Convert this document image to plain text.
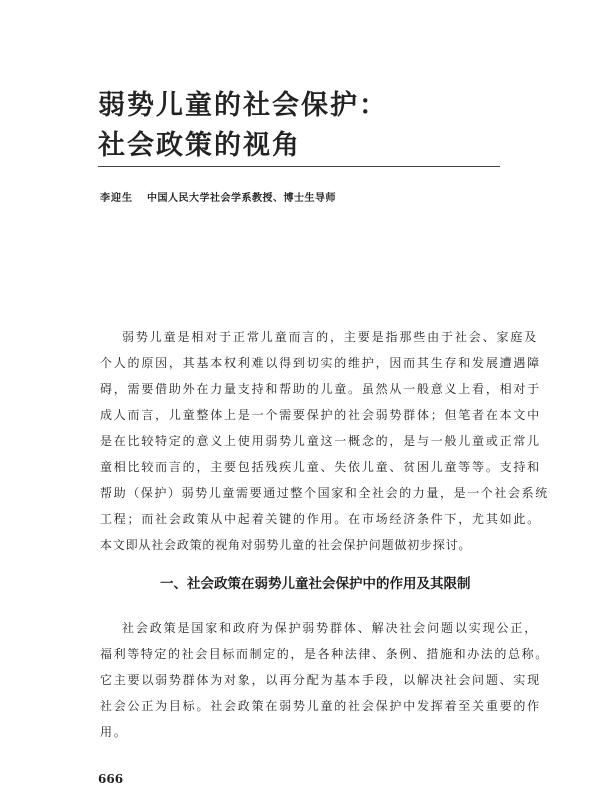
弱势儿童的社会保护：
社会政策的视角
李迎生 中国人民大学社会学系教授、博士生导师
弱势儿童是相对于正常儿童而言的，主要是指那些由于社会、家庭及
个人的原因，其基本权利难以得到切实的维护，因而其生存和发展遭遇障
碍，需要借助外在力量支持和帮助的儿童。虽然从一般意义上看，相对于
成人而言，儿童整体上是一个需要保护的社会弱势群体；但笔者在本文中
是在比较特定的意义上使用弱势儿童这一概念的，是与一般儿童或正常儿
童相比较而言的，主要包括残疾儿童、失依儿童、贫困儿童等等。支持和
帮助（保护）弱势儿童需要通过整个国家和全社会的力量，是一个社会系统
工程；而社会政策从中起着关键的作用。在市场经济条件下，尤其如此。
本文即从社会政策的视角对弱势儿童的社会保护问题做初步探讨。
一、社会政策在弱势儿童社会保护中的作用及其限制
社会政策是国家和政府为保护弱势群体、解决社会问题以实现公正，
福利等特定的社会目标而制定的，是各种法律、条例、措施和办法的总称。
它主要以弱势群体为对象，以再分配为基本手段，以解决社会问题、实现
社会公正为目标。社会政策在弱势儿童的社会保护中发挥着至关重要的作
用。
666
